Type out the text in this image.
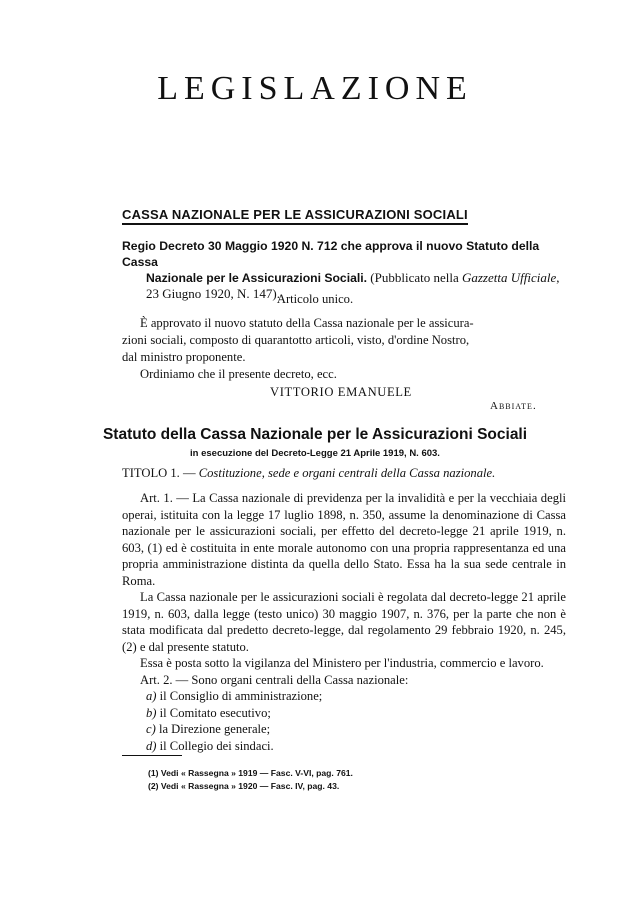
LEGISLAZIONE
CASSA NAZIONALE PER LE ASSICURAZIONI SOCIALI
Regio Decreto 30 Maggio 1920 N. 712 che approva il nuovo Statuto della Cassa
Nazionale per le Assicurazioni Sociali. (Pubblicato nella Gazzetta Ufficiale,
23 Giugno 1920, N. 147).
Articolo unico.
È approvato il nuovo statuto della Cassa nazionale per le assicura-
zioni sociali, composto di quarantotto articoli, visto, d'ordine Nostro,
dal ministro proponente.
Ordiniamo che il presente decreto, ecc.
VITTORIO EMANUELE
Abbiate.
Statuto della Cassa Nazionale per le Assicurazioni Sociali
in esecuzione del Decreto-Legge 21 Aprile 1919, N. 603.
TITOLO 1. — Costituzione, sede e organi centrali della Cassa nazionale.
Art. 1. — La Cassa nazionale di previdenza per la invalidità e per la vecchiaia degli operai, istituita con la legge 17 luglio 1898, n. 350, assume la denominazione di Cassa nazionale per le assicurazioni sociali, per effetto del decreto-legge 21 aprile 1919, n. 603, (1) ed è costituita in ente morale autonomo con una propria rappresentanza ed una propria amministrazione distinta da quella dello Stato. Essa ha la sua sede centrale in Roma.
La Cassa nazionale per le assicurazioni sociali è regolata dal decreto-legge 21 aprile 1919, n. 603, dalla legge (testo unico) 30 maggio 1907, n. 376, per la parte che non è stata modificata dal predetto decreto-legge, dal regolamento 29 febbraio 1920, n. 245, (2) e dal presente statuto.
Essa è posta sotto la vigilanza del Ministero per l'industria, commercio e lavoro.
Art. 2. — Sono organi centrali della Cassa nazionale:
a) il Consiglio di amministrazione;
b) il Comitato esecutivo;
c) la Direzione generale;
d) il Collegio dei sindaci.
(1) Vedi « Rassegna » 1919 — Fasc. V-VI, pag. 761.
(2) Vedi « Rassegna » 1920 — Fasc. IV, pag. 43.
